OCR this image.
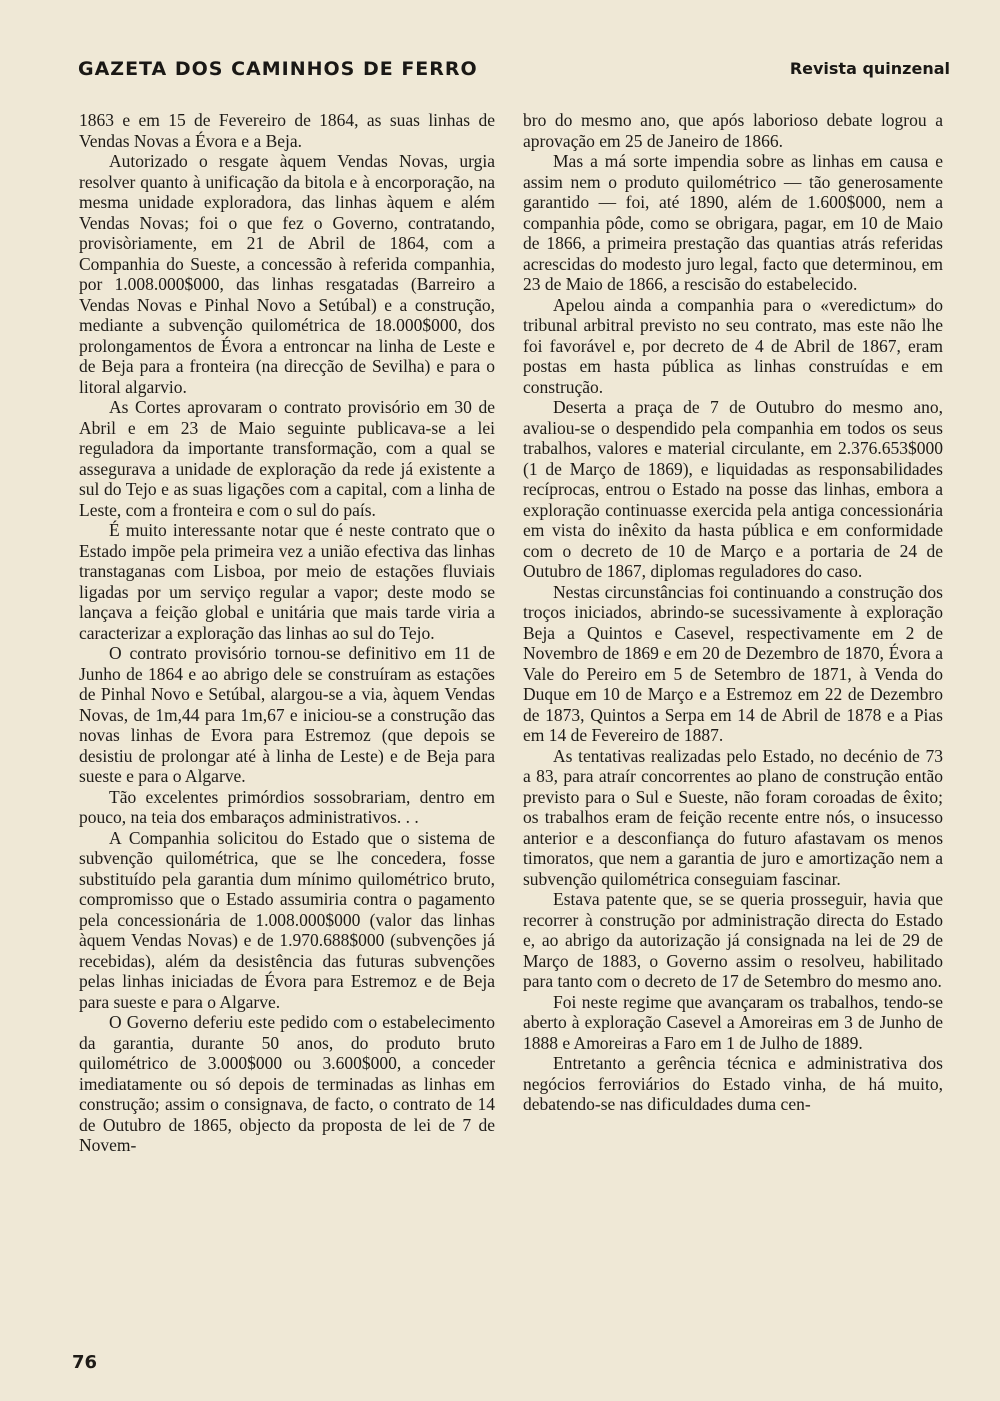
GAZETA DOS CAMINHOS DE FERRO	Revista quinzenal

1863 e em 15 de Fevereiro de 1864, as suas linhas de Vendas Novas a Évora e a Beja.

Autorizado o resgate àquem Vendas Novas, urgia resolver quanto à unificação da bitola e à encorporação, na mesma unidade exploradora, das linhas àquem e além Vendas Novas; foi o que fez o Governo, contratando, provisòriamente, em 21 de Abril de 1864, com a Companhia do Sueste, a concessão à referida companhia, por 1.008.000$000, das linhas resgatadas (Barreiro a Vendas Novas e Pinhal Novo a Setúbal) e a construção, mediante a subvenção quilométrica de 18.000$000, dos prolongamentos de Évora a entroncar na linha de Leste e de Beja para a fronteira (na direcção de Sevilha) e para o litoral algarvio.

As Cortes aprovaram o contrato provisório em 30 de Abril e em 23 de Maio seguinte publicava-se a lei reguladora da importante transformação, com a qual se assegurava a unidade de exploração da rede já existente a sul do Tejo e as suas ligações com a capital, com a linha de Leste, com a fronteira e com o sul do país.

É muito interessante notar que é neste contrato que o Estado impõe pela primeira vez a união efectiva das linhas transtaganas com Lisboa, por meio de estações fluviais ligadas por um serviço regular a vapor; deste modo se lançava a feição global e unitária que mais tarde viria a caracterizar a exploração das linhas ao sul do Tejo.

O contrato provisório tornou-se definitivo em 11 de Junho de 1864 e ao abrigo dele se construíram as estações de Pinhal Novo e Setúbal, alargou-se a via, àquem Vendas Novas, de 1m,44 para 1m,67 e iniciou-se a construção das novas linhas de Evora para Estremoz (que depois se desistiu de prolongar até à linha de Leste) e de Beja para sueste e para o Algarve.

Tão excelentes primórdios sossobrariam, dentro em pouco, na teia dos embaraços administrativos. . .

A Companhia solicitou do Estado que o sistema de subvenção quilométrica, que se lhe concedera, fosse substituído pela garantia dum mínimo quilométrico bruto, compromisso que o Estado assumiria contra o pagamento pela concessionária de 1.008.000$000 (valor das linhas àquem Vendas Novas) e de 1.970.688$000 (subvenções já recebidas), além da desistência das futuras subvenções pelas linhas iniciadas de Évora para Estremoz e de Beja para sueste e para o Algarve.

O Governo deferiu este pedido com o estabelecimento da garantia, durante 50 anos, do produto bruto quilométrico de 3.000$000 ou 3.600$000, a conceder imediatamente ou só depois de terminadas as linhas em construção; assim o consignava, de facto, o contrato de 14 de Outubro de 1865, objecto da proposta de lei de 7 de Novem-

bro do mesmo ano, que após laborioso debate logrou a aprovação em 25 de Janeiro de 1866.

Mas a má sorte impendia sobre as linhas em causa e assim nem o produto quilométrico — tão generosamente garantido — foi, até 1890, além de 1.600$000, nem a companhia pôde, como se obrigara, pagar, em 10 de Maio de 1866, a primeira prestação das quantias atrás referidas acrescidas do modesto juro legal, facto que determinou, em 23 de Maio de 1866, a rescisão do estabelecido.

Apelou ainda a companhia para o «veredictum» do tribunal arbitral previsto no seu contrato, mas este não lhe foi favorável e, por decreto de 4 de Abril de 1867, eram postas em hasta pública as linhas construídas e em construção.

Deserta a praça de 7 de Outubro do mesmo ano, avaliou-se o despendido pela companhia em todos os seus trabalhos, valores e material circulante, em 2.376.653$000 (1 de Março de 1869), e liquidadas as responsabilidades recíprocas, entrou o Estado na posse das linhas, embora a exploração continuasse exercida pela antiga concessionária em vista do inêxito da hasta pública e em conformidade com o decreto de 10 de Março e a portaria de 24 de Outubro de 1867, diplomas reguladores do caso.

Nestas circunstâncias foi continuando a construção dos troços iniciados, abrindo-se sucessivamente à exploração Beja a Quintos e Casevel, respectivamente em 2 de Novembro de 1869 e em 20 de Dezembro de 1870, Évora a Vale do Pereiro em 5 de Setembro de 1871, à Venda do Duque em 10 de Março e a Estremoz em 22 de Dezembro de 1873, Quintos a Serpa em 14 de Abril de 1878 e a Pias em 14 de Fevereiro de 1887.

As tentativas realizadas pelo Estado, no decénio de 73 a 83, para atraír concorrentes ao plano de construção então previsto para o Sul e Sueste, não foram coroadas de êxito; os trabalhos eram de feição recente entre nós, o insucesso anterior e a desconfiança do futuro afastavam os menos timoratos, que nem a garantia de juro e amortização nem a subvenção quilométrica conseguiam fascinar.

Estava patente que, se se queria prosseguir, havia que recorrer à construção por administração directa do Estado e, ao abrigo da autorização já consignada na lei de 29 de Março de 1883, o Governo assim o resolveu, habilitado para tanto com o decreto de 17 de Setembro do mesmo ano.

Foi neste regime que avançaram os trabalhos, tendo-se aberto à exploração Casevel a Amoreiras em 3 de Junho de 1888 e Amoreiras a Faro em 1 de Julho de 1889.

Entretanto a gerência técnica e administrativa dos negócios ferroviários do Estado vinha, de há muito, debatendo-se nas dificuldades duma cen-

76
